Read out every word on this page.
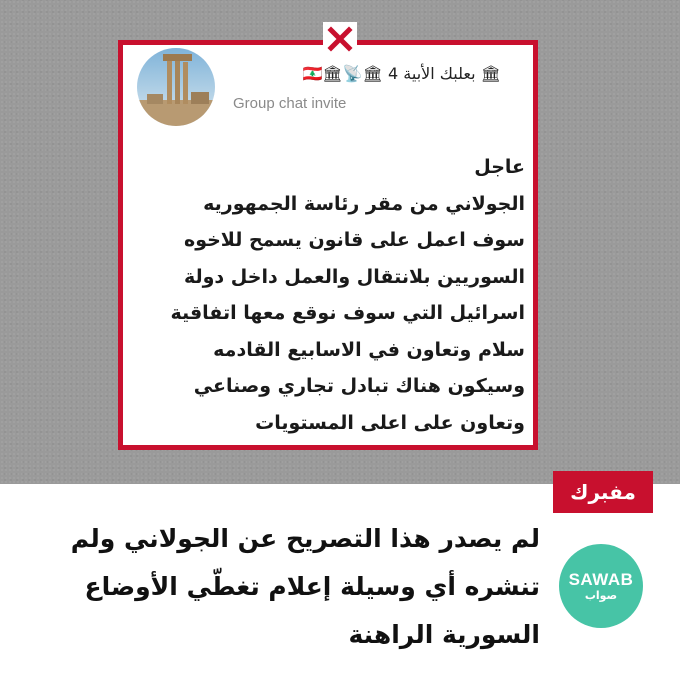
🏛 بعلبك الأبية 4 🏛📡🏛🇱🇧
Group chat invite
عاجل
الجولاني من مقر رئاسة الجمهوريه
سوف اعمل على قانون يسمح للاخوه
السوريين بلانتقال والعمل داخل دولة
اسرائيل التي سوف نوقع معها اتفاقية
سلام وتعاون في الاسابيع القادمه
وسيكون هناك تبادل تجاري وصناعي
وتعاون على اعلى المستويات
مفبرك
SAWAB
صواب
لم يصدر هذا التصريح عن الجولاني ولم
تنشره أي وسيلة إعلام تغطّي الأوضاع
السورية الراهنة
